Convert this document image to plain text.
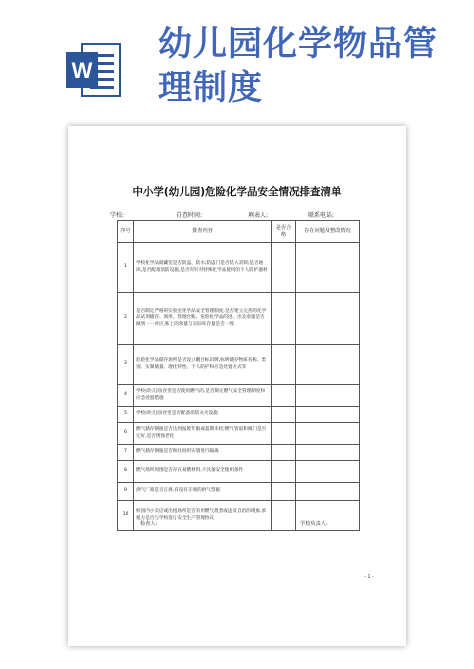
W
幼儿园化学物品管理制度
中小学(幼儿园)危险化学品安全情况排查清单
学校:	自查时间:	填表人:	联系电话:
序号	排查内容	是否合格	存在问题及整改情况
1	学校化学品储藏室是否防盗、防水;防盗门是否装入双锁;是否通风,是否配备消防设施,是否有针对特殊化学品使用的个人防护器材		
2	是否制定严格的实验室化学品安全管理制度;是否建立完善的化学品试剂储存、领用、管理台账、危险化学品的进、出及余量是否做到一一对应,账上的余量与实际库存量是否一致		
3	危险化学品储存场所是否设立醒目标识牌,标明储存物质名称、类别、实制储量、理化特性、个人防护和应急处置方式等		
4	学校(幼儿园)食堂是否使用燃气的,是否制定燃气安全管理制度和应急处置措施		
5	学校(幼儿园)食堂是否配备消防灭火设施		
6	燃气储存钢瓶是否达到报废年限或超期未检;燃气管道和阀门是否完好,是否锈蚀老化		
7	燃气储存钢瓶是否和灶间用实墙进行隔离		
8	燃气场所周围是否存在易燃材料,不具备安全使用条件		
9	供气厂商是否正规,有没有正规的供气票据		
10	校园内小卖店或出租场所是否有用燃气烧煮或违反自治的现象,承租方是否与学校签订安全生产管理协议		
检查人:	学校负责人:
- 1 -
